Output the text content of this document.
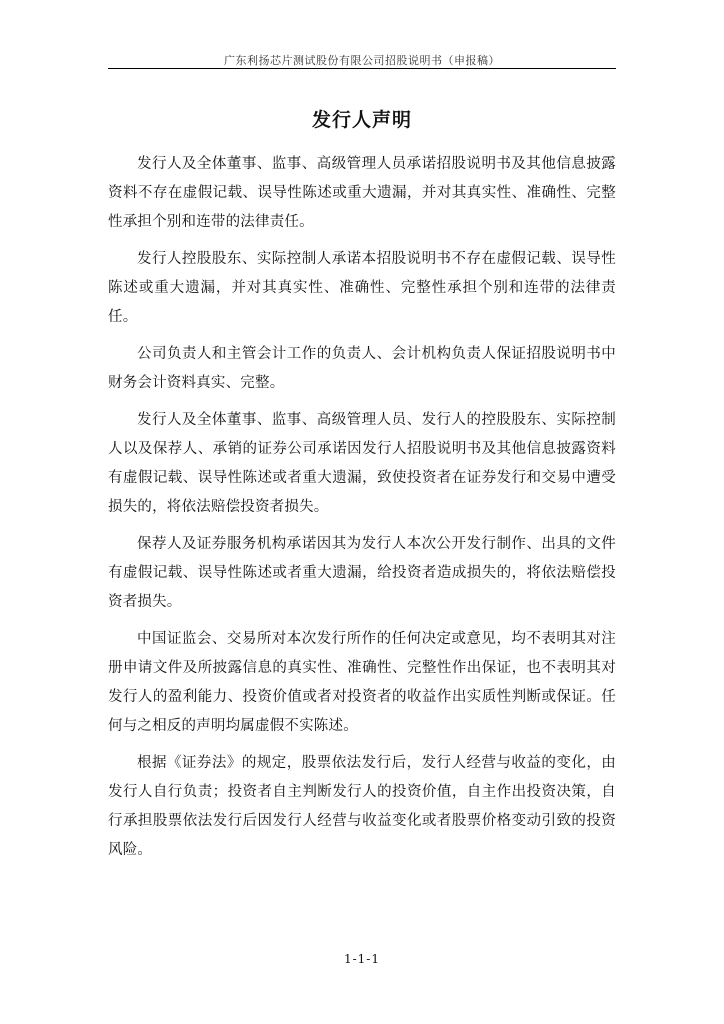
广东利扬芯片测试股份有限公司招股说明书（申报稿）
发行人声明

发行人及全体董事、监事、高级管理人员承诺招股说明书及其他信息披露资料不存在虚假记载、误导性陈述或重大遗漏，并对其真实性、准确性、完整性承担个别和连带的法律责任。

发行人控股股东、实际控制人承诺本招股说明书不存在虚假记载、误导性陈述或重大遗漏，并对其真实性、准确性、完整性承担个别和连带的法律责任。

公司负责人和主管会计工作的负责人、会计机构负责人保证招股说明书中财务会计资料真实、完整。

发行人及全体董事、监事、高级管理人员、发行人的控股股东、实际控制人以及保荐人、承销的证券公司承诺因发行人招股说明书及其他信息披露资料有虚假记载、误导性陈述或者重大遗漏，致使投资者在证券发行和交易中遭受损失的，将依法赔偿投资者损失。

保荐人及证券服务机构承诺因其为发行人本次公开发行制作、出具的文件有虚假记载、误导性陈述或者重大遗漏，给投资者造成损失的，将依法赔偿投资者损失。

中国证监会、交易所对本次发行所作的任何决定或意见，均不表明其对注册申请文件及所披露信息的真实性、准确性、完整性作出保证，也不表明其对发行人的盈利能力、投资价值或者对投资者的收益作出实质性判断或保证。任何与之相反的声明均属虚假不实陈述。

根据《证券法》的规定，股票依法发行后，发行人经营与收益的变化，由发行人自行负责；投资者自主判断发行人的投资价值，自主作出投资决策，自行承担股票依法发行后因发行人经营与收益变化或者股票价格变动引致的投资风险。

1-1-1
